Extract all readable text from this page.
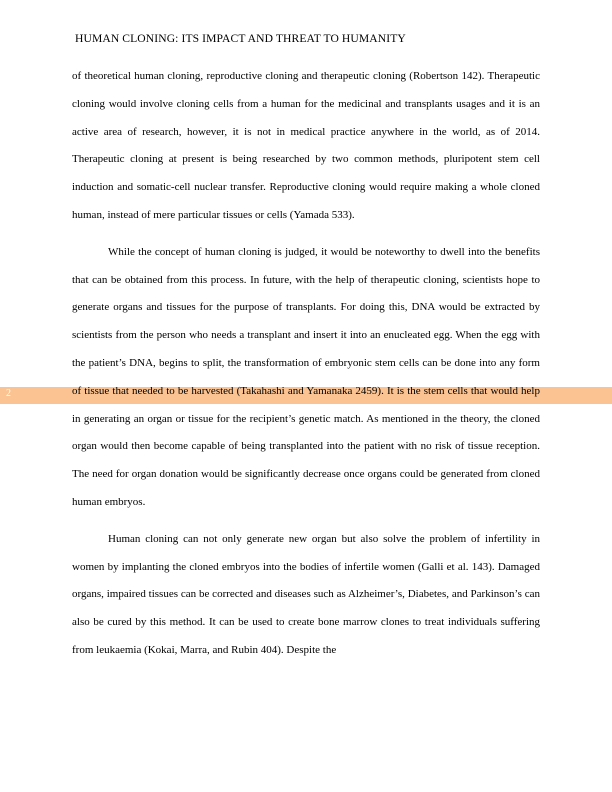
HUMAN CLONING: ITS IMPACT AND THREAT TO HUMANITY
2

of theoretical human cloning, reproductive cloning and therapeutic cloning (Robertson 142). Therapeutic cloning would involve cloning cells from a human for the medicinal and transplants usages and it is an active area of research, however, it is not in medical practice anywhere in the world, as of 2014. Therapeutic cloning at present is being researched by two common methods, pluripotent stem cell induction and somatic-cell nuclear transfer. Reproductive cloning would require making a whole cloned human, instead of mere particular tissues or cells (Yamada 533).

While the concept of human cloning is judged, it would be noteworthy to dwell into the benefits that can be obtained from this process. In future, with the help of therapeutic cloning, scientists hope to generate organs and tissues for the purpose of transplants. For doing this, DNA would be extracted by scientists from the person who needs a transplant and insert it into an enucleated egg. When the egg with the patient’s DNA, begins to split, the transformation of embryonic stem cells can be done into any form of tissue that needed to be harvested (Takahashi and Yamanaka 2459). It is the stem cells that would help in generating an organ or tissue for the recipient’s genetic match. As mentioned in the theory, the cloned organ would then become capable of being transplanted into the patient with no risk of tissue reception. The need for organ donation would be significantly decrease once organs could be generated from cloned human embryos.

Human cloning can not only generate new organ but also solve the problem of infertility in women by implanting the cloned embryos into the bodies of infertile women (Galli et al. 143). Damaged organs, impaired tissues can be corrected and diseases such as Alzheimer’s, Diabetes, and Parkinson’s can also be cured by this method. It can be used to create bone marrow clones to treat individuals suffering from leukaemia (Kokai, Marra, and Rubin 404). Despite the
